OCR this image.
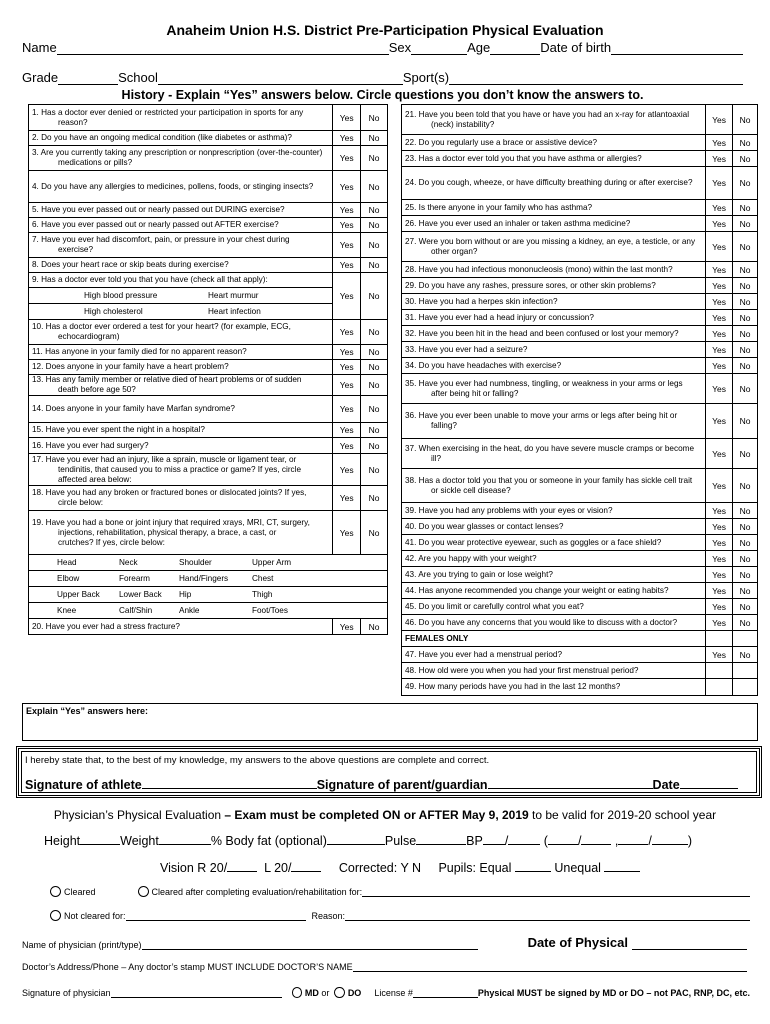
Anaheim Union H.S. District Pre-Participation Physical Evaluation
Name	Sex	Age	Date of birth
Grade	School	Sport(s)
History - Explain “Yes” answers below. Circle questions you don’t know the answers to.
1. Has a doctor ever denied or restricted your participation in sports for any
reason?	Yes	No
2. Do you have an ongoing medical condition (like diabetes or asthma)?	Yes	No
3. Are you currently taking any prescription or nonprescription (over-the-counter)
medications or pills?	Yes	No
4. Do you have any allergies to medicines, pollens, foods, or stinging insects?	Yes	No
5. Have you ever passed out or nearly passed out DURING exercise?	Yes	No
6. Have you ever passed out or nearly passed out AFTER exercise?	Yes	No
7. Have you ever had discomfort, pain, or pressure in your chest during
exercise?	Yes	No
8. Does your heart race or skip beats during exercise?	Yes	No
9. Has a doctor ever told you that you have (check all that apply):	Yes	No
High blood pressure Heart murmur		
High cholesterol Heart infection		
10. Has a doctor ever ordered a test for your heart? (for example, ECG,
echocardiogram)	Yes	No
11. Has anyone in your family died for no apparent reason?	Yes	No
12. Does anyone in your family have a heart problem?	Yes	No
13. Has any family member or relative died of heart problems or of sudden
death before age 50?	Yes	No
14. Does anyone in your family have Marfan syndrome?	Yes	No
15. Have you ever spent the night in a hospital?	Yes	No
16. Have you ever had surgery?	Yes	No
17. Have you ever had an injury, like a sprain, muscle or ligament tear, or
tendinitis, that caused you to miss a practice or game? If yes, circle
affected area below:	Yes	No
18. Have you had any broken or fractured bones or dislocated joints? If yes,
circle below:	Yes	No
19. Have you had a bone or joint injury that required xrays, MRI, CT, surgery,
injections, rehabilitation, physical therapy, a brace, a cast, or
crutches? If yes, circle below:	Yes	No
Head Neck Shoulder Upper Arm		
Elbow Forearm Hand/Fingers Chest		
Upper Back Lower Back Hip Thigh		
Knee Calf/Shin Ankle Foot/Toes		
20. Have you ever had a stress fracture?	Yes	No
21. Have you been told that you have or have you had an x-ray for atlantoaxial
(neck) instability?	Yes	No
22. Do you regularly use a brace or assistive device?	Yes	No
23. Has a doctor ever told you that you have asthma or allergies?	Yes	No
24. Do you cough, wheeze, or have difficulty breathing during or after exercise?	Yes	No
25. Is there anyone in your family who has asthma?	Yes	No
26. Have you ever used an inhaler or taken asthma medicine?	Yes	No
27. Were you born without or are you missing a kidney, an eye, a testicle, or any
other organ?	Yes	No
28. Have you had infectious mononucleosis (mono) within the last month?	Yes	No
29. Do you have any rashes, pressure sores, or other skin problems?	Yes	No
30. Have you had a herpes skin infection?	Yes	No
31. Have you ever had a head injury or concussion?	Yes	No
32. Have you been hit in the head and been confused or lost your memory?	Yes	No
33. Have you ever had a seizure?	Yes	No
34. Do you have headaches with exercise?	Yes	No
35. Have you ever had numbness, tingling, or weakness in your arms or legs
after being hit or falling?	Yes	No
36. Have you ever been unable to move your arms or legs after being hit or
falling?	Yes	No
37. When exercising in the heat, do you have severe muscle cramps or become
ill?	Yes	No
38. Has a doctor told you that you or someone in your family has sickle cell trait
or sickle cell disease?	Yes	No
39. Have you had any problems with your eyes or vision?	Yes	No
40. Do you wear glasses or contact lenses?	Yes	No
41. Do you wear protective eyewear, such as goggles or a face shield?	Yes	No
42. Are you happy with your weight?	Yes	No
43. Are you trying to gain or lose weight?	Yes	No
44. Has anyone recommended you change your weight or eating habits?	Yes	No
45. Do you limit or carefully control what you eat?	Yes	No
46. Do you have any concerns that you would like to discuss with a doctor?	Yes	No
FEMALES ONLY		
47. Have you ever had a menstrual period?	Yes	No
48. How old were you when you had your first menstrual period?		
49. How many periods have you had in the last 12 months?		
Explain “Yes” answers here:
I hereby state that, to the best of my knowledge, my answers to the above questions are complete and correct.
Signature of athlete	Signature of parent/guardian	Date
Physician’s Physical Evaluation – Exam must be completed ON or AFTER May 9, 2019 to be valid for 2019-20 school year
Height	Weight	% Body fat (optional)	Pulse	BP /	( / , /	)
Vision R 20/	L 20/	Corrected: Y N Pupils: Equal	Unequal
Cleared	Cleared after completing evaluation/rehabilitation for:
Not cleared for:	Reason:
Name of physician (print/type)	Date of Physical
Doctor’s Address/Phone – Any doctor’s stamp MUST INCLUDE DOCTOR’S NAME
Signature of physician	MD
or
DO License #	Physical MUST be signed by MD or DO – not PAC, RNP, DC, etc.
